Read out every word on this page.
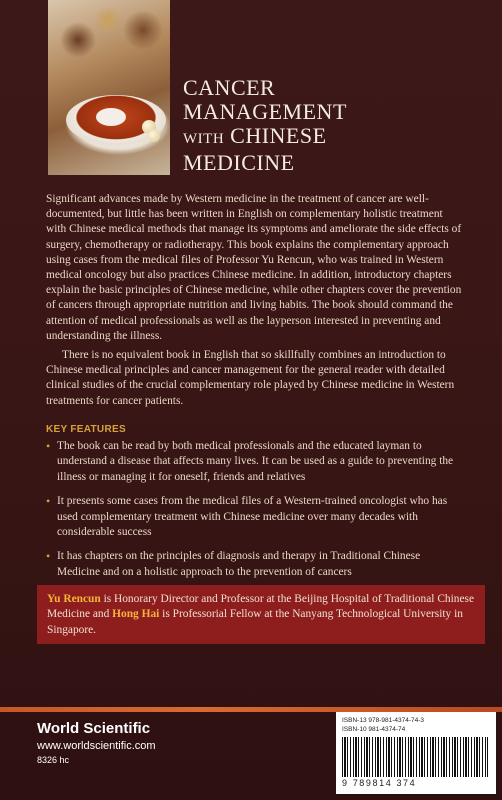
CANCER
MANAGEMENT
WITH CHINESE
MEDICINE

Significant advances made by Western medicine in the treatment of cancer are well-documented, but little has been written in English on complementary holistic treatment with Chinese medical methods that manage its symptoms and ameliorate the side effects of surgery, chemotherapy or radiotherapy. This book explains the complementary approach using cases from the medical files of Professor Yu Rencun, who was trained in Western medical oncology but also practices Chinese medicine. In addition, introductory chapters explain the basic principles of Chinese medicine, while other chapters cover the prevention of cancers through appropriate nutrition and living habits. The book should command the attention of medical professionals as well as the layperson interested in preventing and understanding the illness.

There is no equivalent book in English that so skillfully combines an introduction to Chinese medical principles and cancer management for the general reader with detailed clinical studies of the crucial complementary role played by Chinese medicine in Western treatments for cancer patients.

KEY FEATURES
• The book can be read by both medical professionals and the educated layman to understand a disease that affects many lives. It can be used as a guide to preventing the illness or managing it for oneself, friends and relatives
• It presents some cases from the medical files of a Western-trained oncologist who has used complementary treatment with Chinese medicine over many decades with considerable success
• It has chapters on the principles of diagnosis and therapy in Traditional Chinese Medicine and on a holistic approach to the prevention of cancers
Yu Rencun is Honorary Director and Professor at the Beijing Hospital of Traditional Chinese Medicine and Hong Hai is Professorial Fellow at the Nanyang Technological University in Singapore.
World Scientific
www.worldscientific.com
8326 hc
ISBN-13 978-981-4374-74-3
ISBN-10 981-4374-74
9 789814 374
